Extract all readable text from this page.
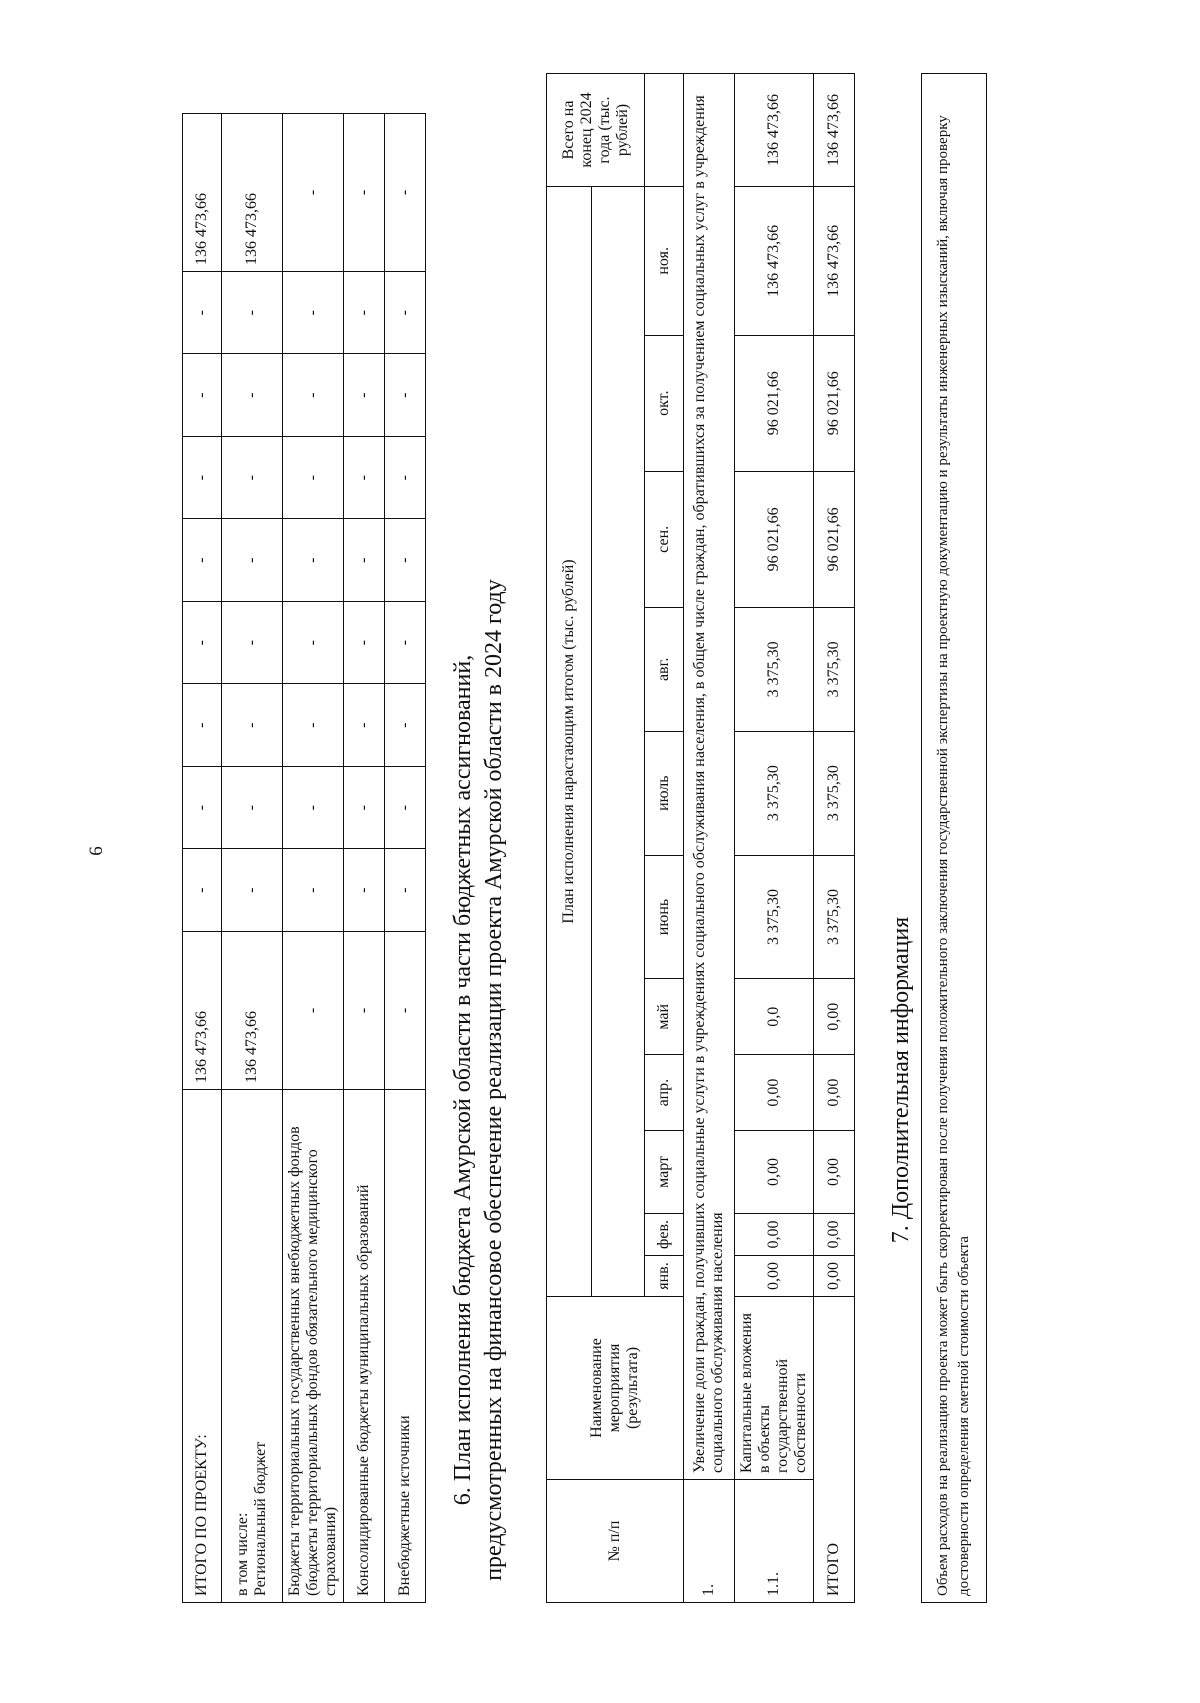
6
ИТОГО ПО ПРОЕКТУ:	136 473,66	-	-	-	-	-	-	-	-	136 473,66

в том числе: Региональный бюджет	136 473,66	-	-	-	-	-	-	-	-	136 473,66
Бюджеты территориальных государственных внебюджетных фондов (бюджеты территориальных фондов обязательного медицинского страхования)	-	-	-	-	-	-	-	-	-	-
Консолидированные бюджеты муниципальных образований	-	-	-	-	-	-	-	-	-	-
Внебюджетные источники	-	-	-	-	-	-	-	-	-	-
6. План исполнения бюджета Амурской области в части бюджетных ассигнований, предусмотренных на финансовое обеспечение реализации проекта Амурской области в 2024 году	№ п/п	Наименование мероприятия (результата)	План исполнения нарастающим итогом (тыс. рублей)											Всего на конец 2024 года (тыс. рублей)

		янв.	фев.	март	апр.	май	июнь	июль	авг.	сен.	окт.	ноя.	
1.	Увеличение доли граждан, получивших социальные услуги в учреждениях социального обслуживания населения, в общем числе граждан, обратившихся за получением социальных услуг в учреждения социального обслуживания населения												
1.1.	Капитальные вложения в объекты государственной собственности	0,00	0,00	0,00	0,00	0,0	3 375,30	3 375,30	3 375,30	96 021,66	96 021,66	136 473,66	136 473,66
ИТОГО		0,00	0,00	0,00	0,00	0,00	3 375,30	3 375,30	3 375,30	96 021,66	96 021,66	136 473,66	136 473,66
7. Дополнительная информация Объем расходов на реализацию проекта может быть скорректирован после получения положительного заключения государственной экспертизы на проектную документацию и результаты инженерных изысканий, включая проверку достоверности определения сметной стоимости объекта
